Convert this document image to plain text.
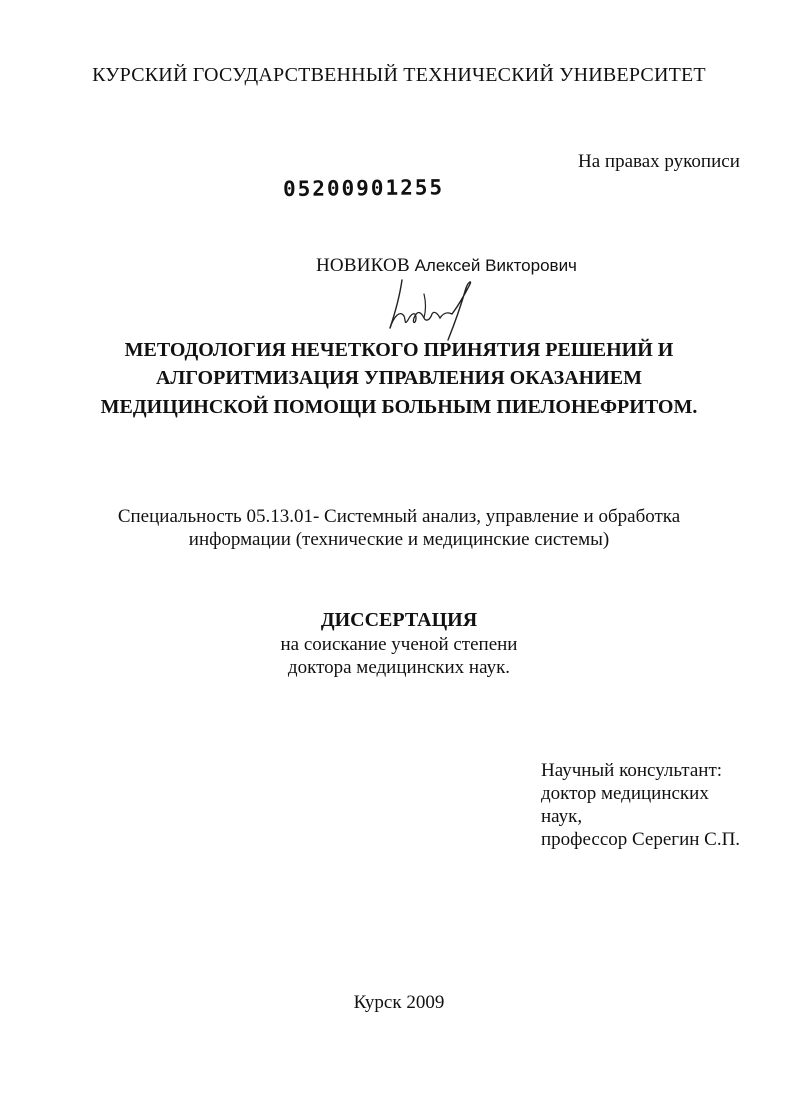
КУРСКИЙ ГОСУДАРСТВЕННЫЙ ТЕХНИЧЕСКИЙ УНИВЕРСИТЕТ
На правах рукописи
05200901255
НОВИКОВ Алексей Викторович
МЕТОДОЛОГИЯ НЕЧЕТКОГО ПРИНЯТИЯ РЕШЕНИЙ И
АЛГОРИТМИЗАЦИЯ УПРАВЛЕНИЯ ОКАЗАНИЕМ
МЕДИЦИНСКОЙ ПОМОЩИ БОЛЬНЫМ ПИЕЛОНЕФРИТОМ.
Специальность 05.13.01- Системный анализ, управление и обработка
информации (технические и медицинские системы)
ДИССЕРТАЦИЯ
на соискание ученой степени
доктора медицинских наук.
Научный консультант:
доктор медицинских
наук,
профессор Серегин С.П.
Курск 2009
